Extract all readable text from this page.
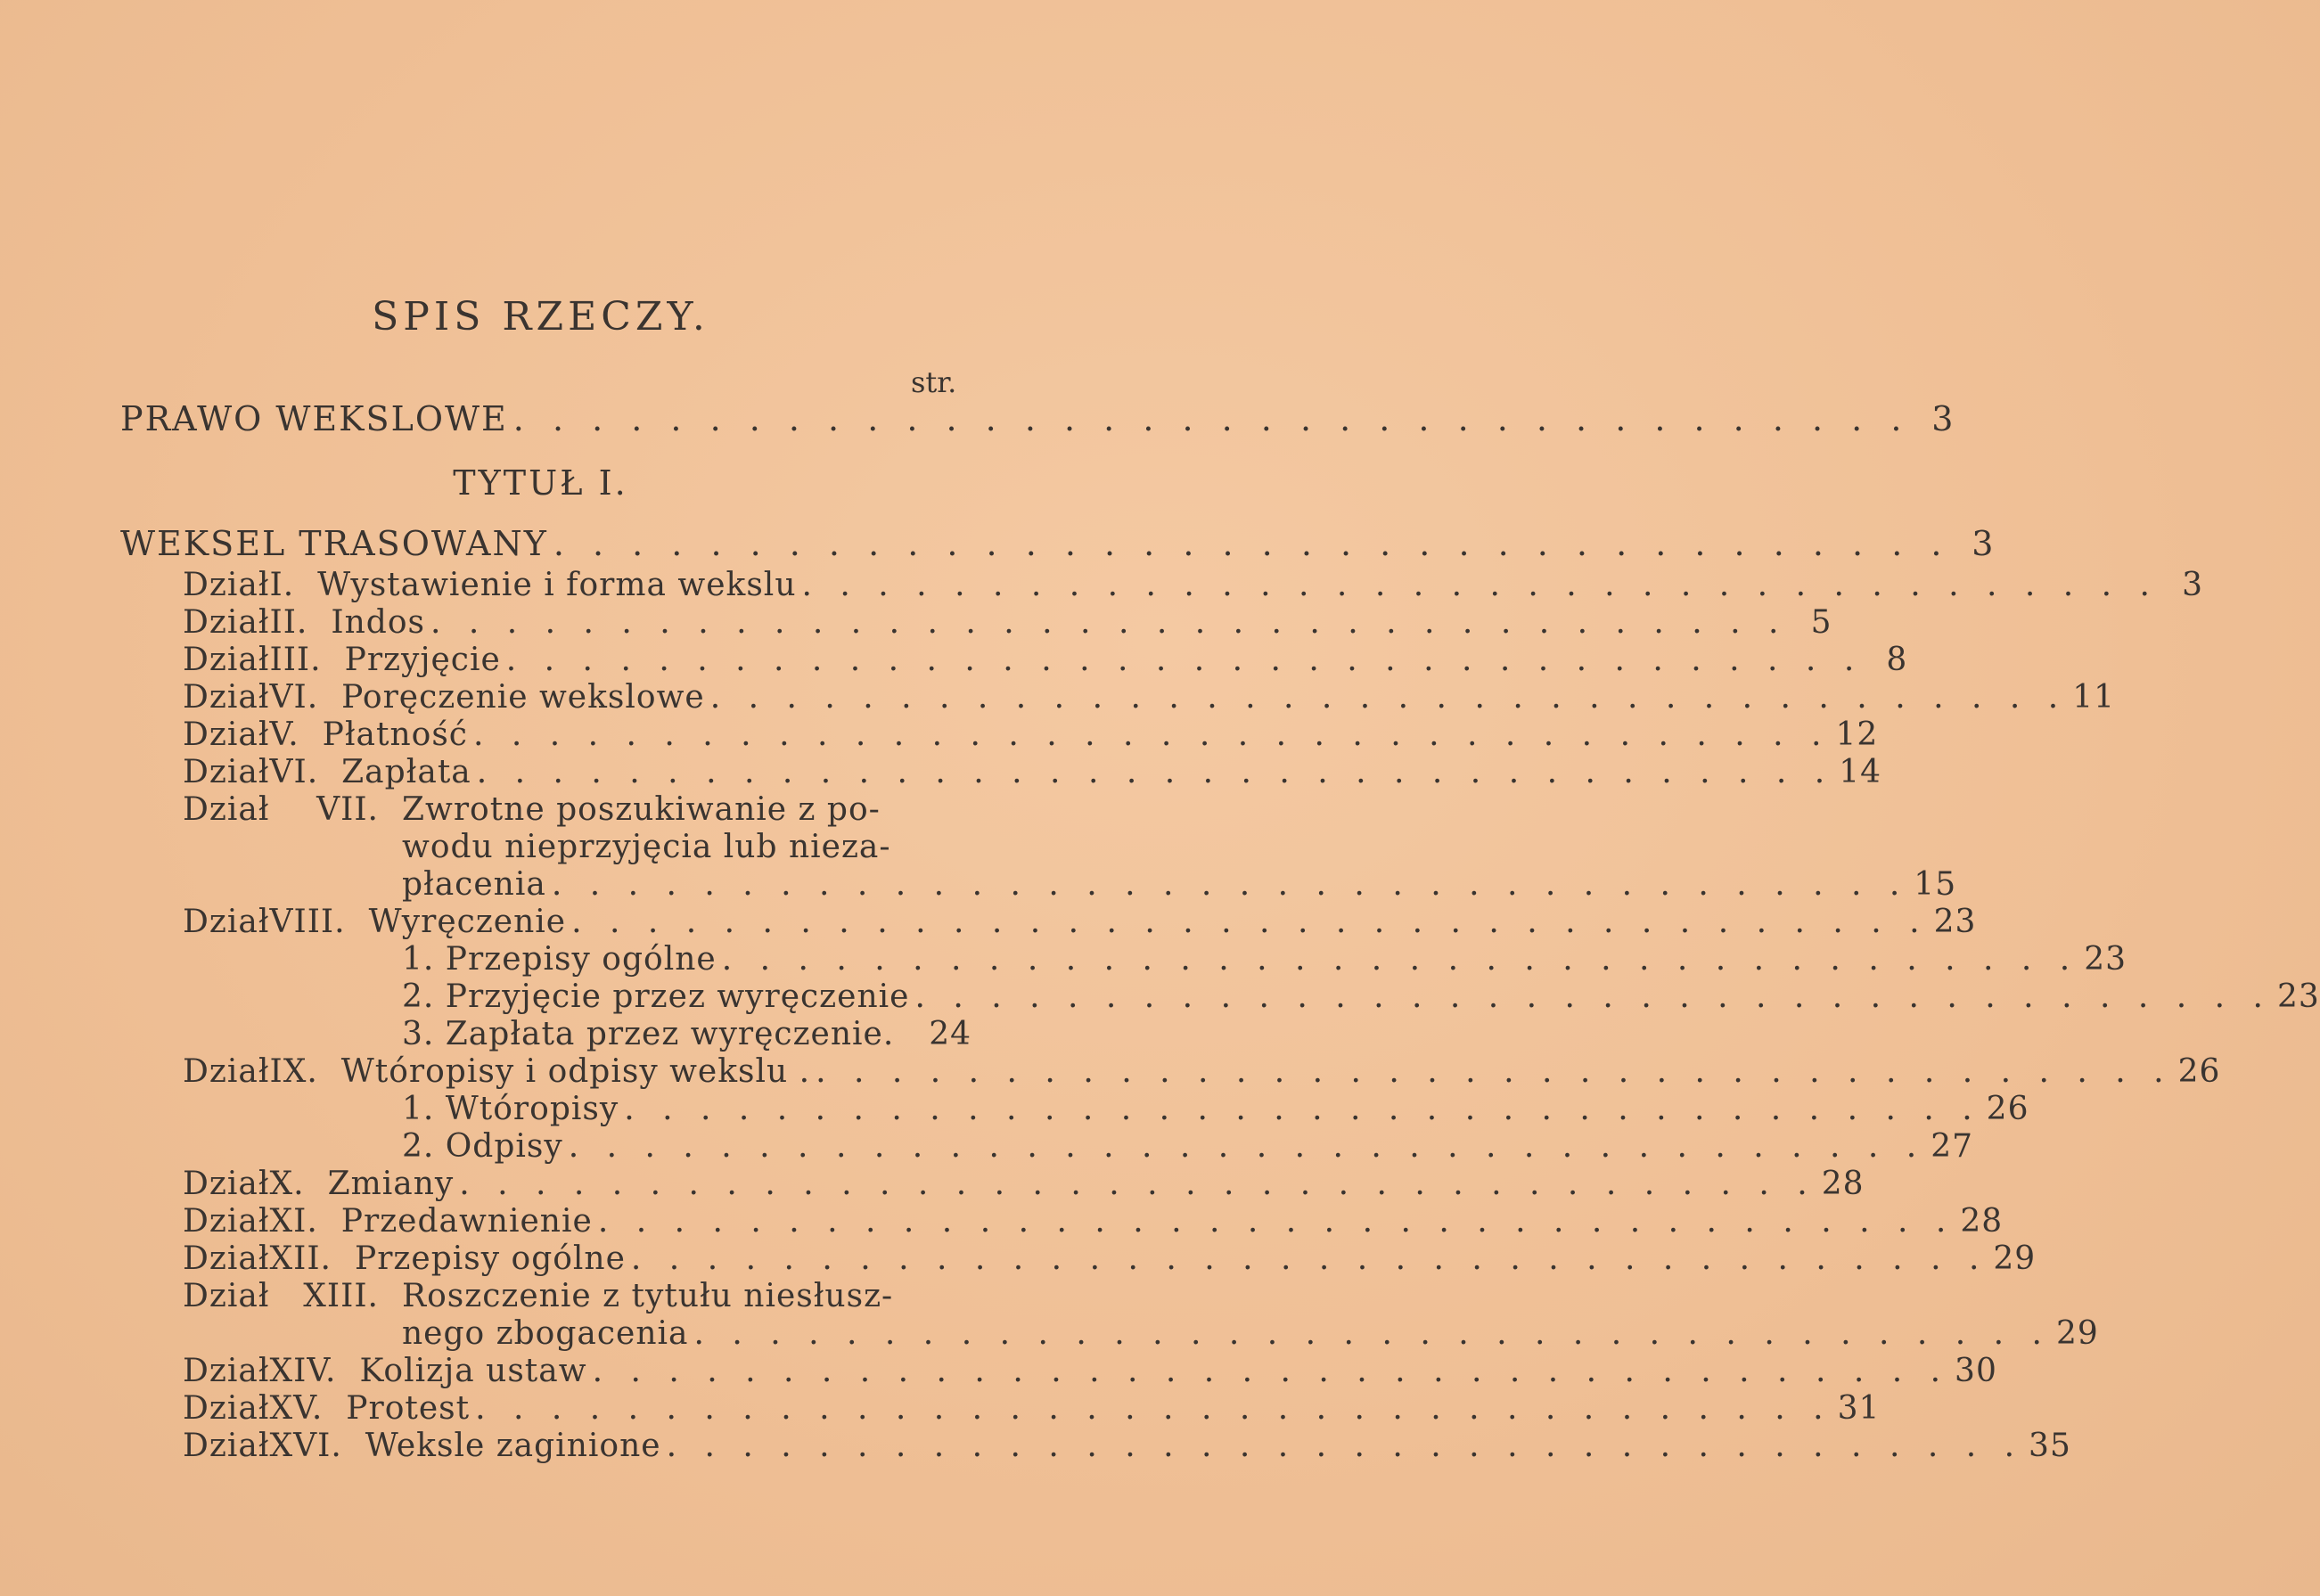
SPIS RZECZY.
str.
PRAWO WEKSLOWE . . . . . . . . . . . . . . . . . . . . . . . . . . . . . . . . . . . . 3
TYTUŁ I.
WEKSEL TRASOWANY . . . . . . . . . . . . . . . . . . . . . . . . . . . . . . . . . . . . 3
Dział I. Wystawienie i forma wekslu . . . . . . . . . . . . . . . . . . . . . . . . . . . . . . . . . . . . 3
Dział II. Indos . . . . . . . . . . . . . . . . . . . . . . . . . . . . . . . . . . . . 5
Dział III. Przyjęcie . . . . . . . . . . . . . . . . . . . . . . . . . . . . . . . . . . . . 8
Dział VI. Poręczenie wekslowe . . . . . . . . . . . . . . . . . . . . . . . . . . . . . . . . . . . . 11
Dział V. Płatność . . . . . . . . . . . . . . . . . . . . . . . . . . . . . . . . . . . . 12
Dział VI. Zapłata . . . . . . . . . . . . . . . . . . . . . . . . . . . . . . . . . . . . 14
Dział	VII. Zwrotne poszukiwanie z po-
wodu nieprzyjęcia lub nieza-
płacenia . . . . . . . . . . . . . . . . . . . . . . . . . . . . . . . . . . . . 15
Dział VIII. Wyręczenie . . . . . . . . . . . . . . . . . . . . . . . . . . . . . . . . . . . . 23
1. Przepisy ogólne . . . . . . . . . . . . . . . . . . . . . . . . . . . . . . . . . . . . 23
2. Przyjęcie przez wyręczenie . . . . . . . . . . . . . . . . . . . . . . . . . . . . . . . . . . . . 23
3. Zapłata przez wyręczenie. 24
Dział IX. Wtóropisy i odpisy wekslu . . . . . . . . . . . . . . . . . . . . . . . . . . . . . . . . . . . . . 26
1. Wtóropisy . . . . . . . . . . . . . . . . . . . . . . . . . . . . . . . . . . . . 26
2. Odpisy . . . . . . . . . . . . . . . . . . . . . . . . . . . . . . . . . . . . 27
Dział X. Zmiany . . . . . . . . . . . . . . . . . . . . . . . . . . . . . . . . . . . . 28
Dział XI. Przedawnienie . . . . . . . . . . . . . . . . . . . . . . . . . . . . . . . . . . . . 28
Dział XII. Przepisy ogólne . . . . . . . . . . . . . . . . . . . . . . . . . . . . . . . . . . . . 29
Dział	XIII. Roszczenie z tytułu niesłusz-
nego zbogacenia . . . . . . . . . . . . . . . . . . . . . . . . . . . . . . . . . . . . 29
Dział XIV. Kolizja ustaw . . . . . . . . . . . . . . . . . . . . . . . . . . . . . . . . . . . . 30
Dział XV. Protest . . . . . . . . . . . . . . . . . . . . . . . . . . . . . . . . . . . . 31
Dział XVI. Weksle zaginione . . . . . . . . . . . . . . . . . . . . . . . . . . . . . . . . . . . . 35
